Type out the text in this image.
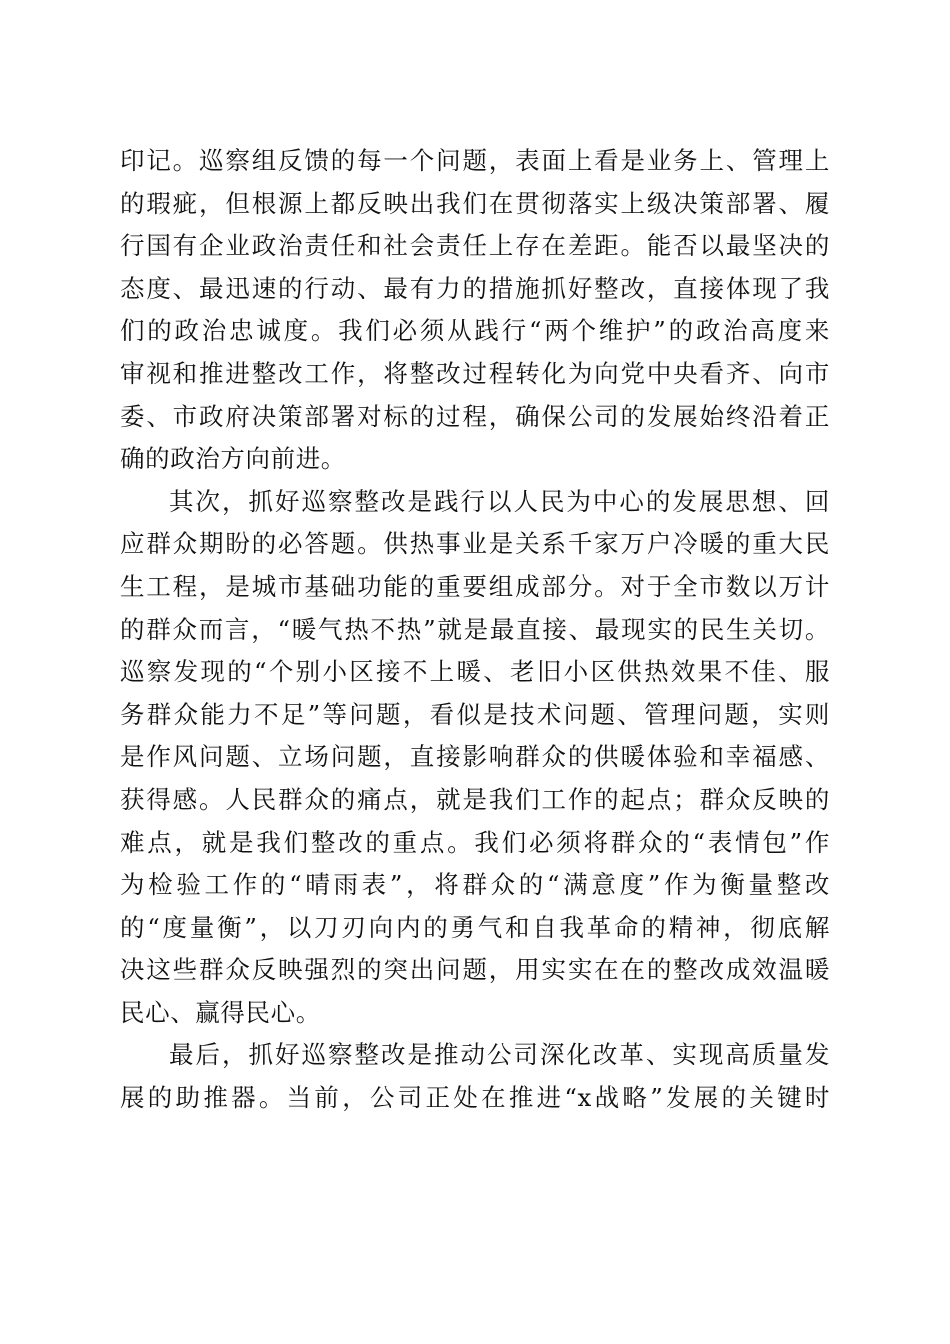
印记。巡察组反馈的每一个问题，表面上看是业务上、管理上
的瑕疵，但根源上都反映出我们在贯彻落实上级决策部署、履
行国有企业政治责任和社会责任上存在差距。能否以最坚决的
态度、最迅速的行动、最有力的措施抓好整改，直接体现了我
们的政治忠诚度。我们必须从践行“两个维护”的政治高度来
审视和推进整改工作，将整改过程转化为向党中央看齐、向市
委、市政府决策部署对标的过程，确保公司的发展始终沿着正
确的政治方向前进。
其次，抓好巡察整改是践行以人民为中心的发展思想、回
应群众期盼的必答题。供热事业是关系千家万户冷暖的重大民
生工程，是城市基础功能的重要组成部分。对于全市数以万计
的群众而言，“暖气热不热”就是最直接、最现实的民生关切。
巡察发现的“个别小区接不上暖、老旧小区供热效果不佳、服
务群众能力不足”等问题，看似是技术问题、管理问题，实则
是作风问题、立场问题，直接影响群众的供暖体验和幸福感、
获得感。人民群众的痛点，就是我们工作的起点；群众反映的
难点，就是我们整改的重点。我们必须将群众的“表情包”作
为检验工作的“晴雨表”，将群众的“满意度”作为衡量整改
的“度量衡”，以刀刃向内的勇气和自我革命的精神，彻底解
决这些群众反映强烈的突出问题，用实实在在的整改成效温暖
民心、赢得民心。
最后，抓好巡察整改是推动公司深化改革、实现高质量发
展的助推器。当前，公司正处在推进“x战略”发展的关键时
